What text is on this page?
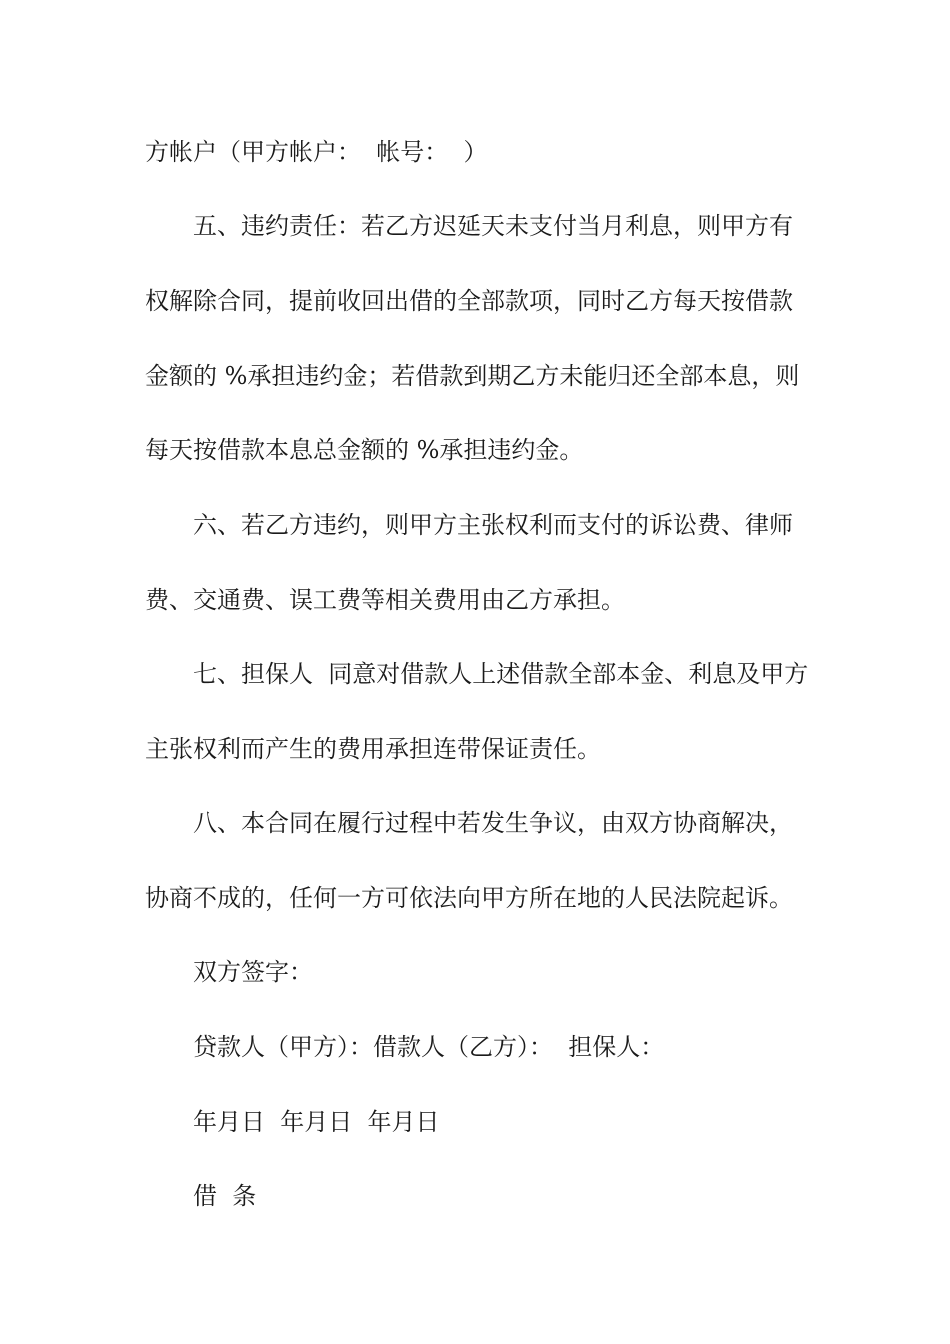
方帐户（甲方帐户：  帐号：  ）
五、违约责任：若乙方迟延天未支付当月利息，则甲方有
权解除合同，提前收回出借的全部款项，同时乙方每天按借款
金额的 %承担违约金；若借款到期乙方未能归还全部本息，则
每天按借款本息总金额的 %承担违约金。
六、若乙方违约，则甲方主张权利而支付的诉讼费、律师
费、交通费、误工费等相关费用由乙方承担。
七、担保人  同意对借款人上述借款全部本金、利息及甲方
主张权利而产生的费用承担连带保证责任。
八、本合同在履行过程中若发生争议，由双方协商解决，
协商不成的，任何一方可依法向甲方所在地的人民法院起诉。
双方签字：
贷款人（甲方）：借款人（乙方）：  担保人：
年月日  年月日  年月日
借  条
